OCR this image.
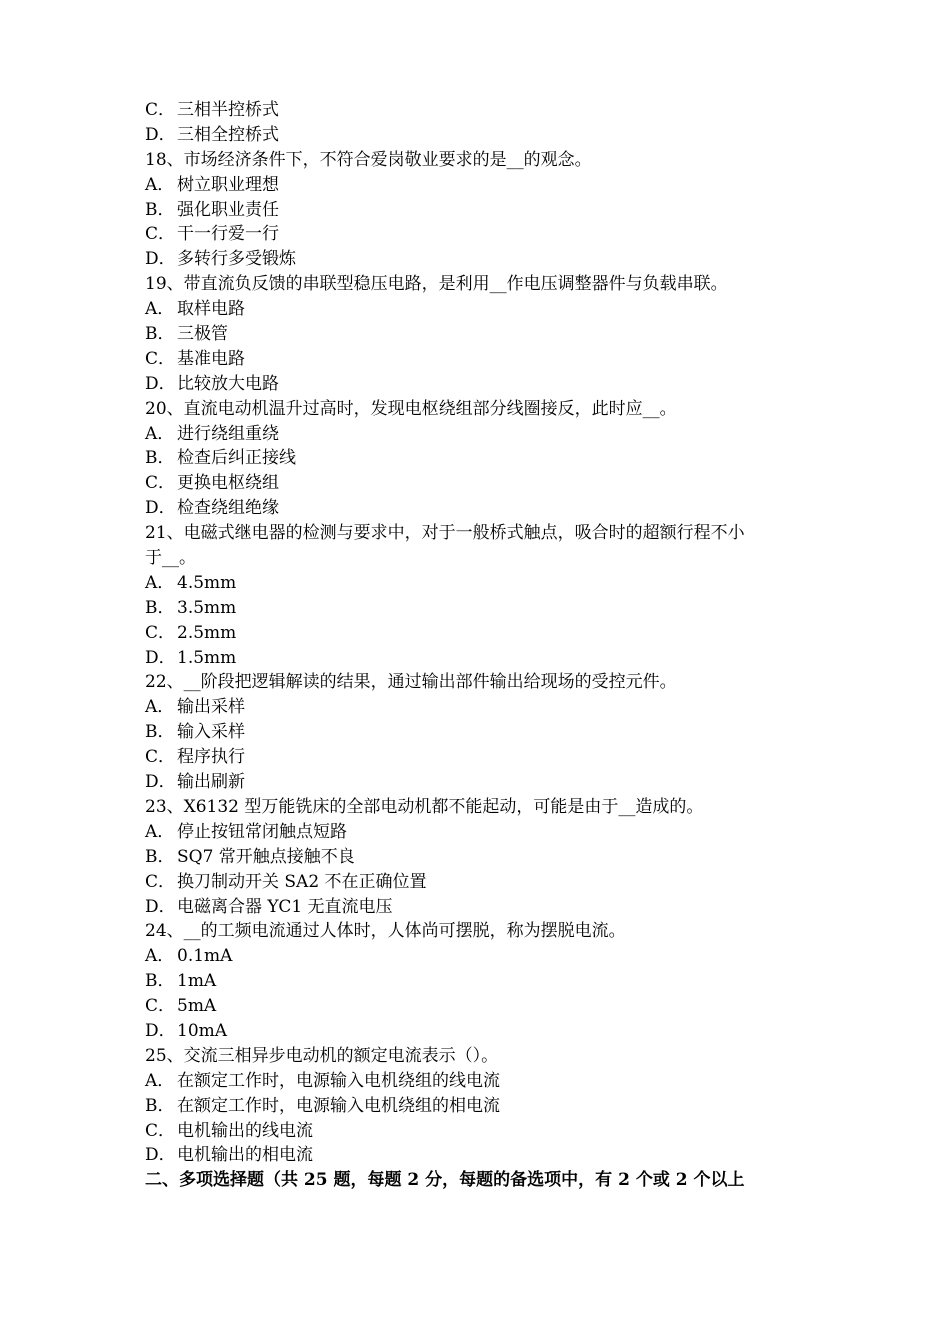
C． 三相半控桥式
D． 三相全控桥式
18、市场经济条件下，不符合爱岗敬业要求的是__的观念。
A． 树立职业理想
B． 强化职业责任
C． 干一行爱一行
D． 多转行多受锻炼
19、带直流负反馈的串联型稳压电路，是利用__作电压调整器件与负载串联。
A． 取样电路
B． 三极管
C． 基准电路
D． 比较放大电路
20、直流电动机温升过高时，发现电枢绕组部分线圈接反，此时应__。
A． 进行绕组重绕
B． 检查后纠正接线
C． 更换电枢绕组
D． 检查绕组绝缘
21、电磁式继电器的检测与要求中，对于一般桥式触点，吸合时的超额行程不小
于__。
A． 4.5mm
B． 3.5mm
C． 2.5mm
D． 1.5mm
22、__阶段把逻辑解读的结果，通过输出部件输出给现场的受控元件。
A． 输出采样
B． 输入采样
C． 程序执行
D． 输出刷新
23、X6132 型万能铣床的全部电动机都不能起动，可能是由于__造成的。
A． 停止按钮常闭触点短路
B． SQ7 常开触点接触不良
C． 换刀制动开关 SA2 不在正确位置
D． 电磁离合器 YC1 无直流电压
24、__的工频电流通过人体时，人体尚可摆脱，称为摆脱电流。
A． 0.1mA
B． 1mA
C． 5mA
D． 10mA
25、交流三相异步电动机的额定电流表示（）。
A． 在额定工作时，电源输入电机绕组的线电流
B． 在额定工作时，电源输入电机绕组的相电流
C． 电机输出的线电流
D． 电机输出的相电流
二、多项选择题（共 25 题，每题 2 分，每题的备选项中，有 2 个或 2 个以上
